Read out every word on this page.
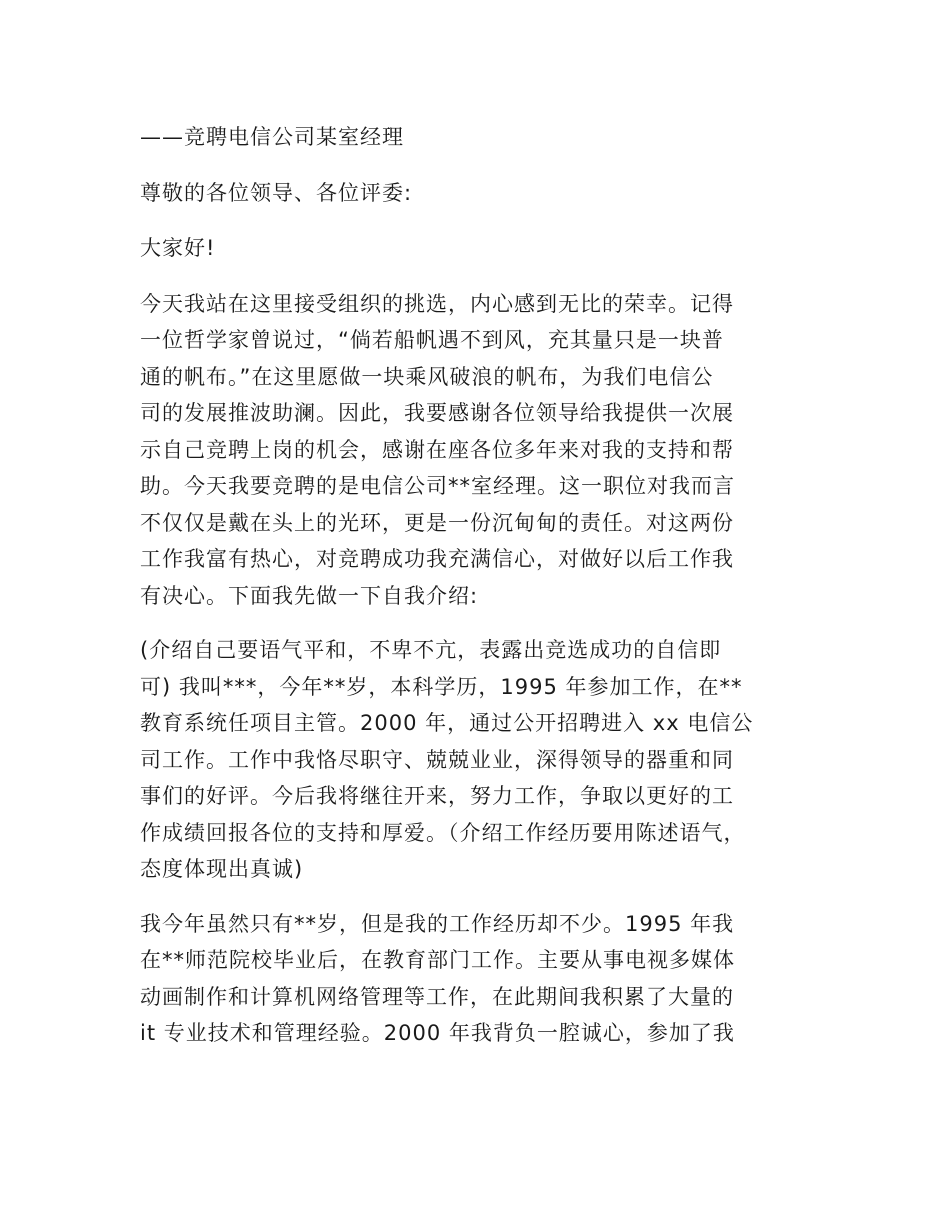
——竞聘电信公司某室经理

尊敬的各位领导、各位评委:

大家好!

今天我站在这里接受组织的挑选，内心感到无比的荣幸。记得
一位哲学家曾说过，“倘若船帆遇不到风，充其量只是一块普
通的帆布。”在这里愿做一块乘风破浪的帆布，为我们电信公
司的发展推波助澜。因此，我要感谢各位领导给我提供一次展
示自己竞聘上岗的机会，感谢在座各位多年来对我的支持和帮
助。今天我要竞聘的是电信公司**室经理。这一职位对我而言
不仅仅是戴在头上的光环，更是一份沉甸甸的责任。对这两份
工作我富有热心，对竞聘成功我充满信心，对做好以后工作我
有决心。下面我先做一下自我介绍:

(介绍自己要语气平和，不卑不亢，表露出竞选成功的自信即
可) 我叫***，今年**岁，本科学历，1995 年参加工作，在**
教育系统任项目主管。2000 年，通过公开招聘进入 xx 电信公
司工作。工作中我恪尽职守、兢兢业业，深得领导的器重和同
事们的好评。今后我将继往开来，努力工作，争取以更好的工
作成绩回报各位的支持和厚爱。（介绍工作经历要用陈述语气，
态度体现出真诚)

我今年虽然只有**岁，但是我的工作经历却不少。1995 年我
在**师范院校毕业后，在教育部门工作。主要从事电视多媒体
动画制作和计算机网络管理等工作，在此期间我积累了大量的
it 专业技术和管理经验。2000 年我背负一腔诚心，参加了我
